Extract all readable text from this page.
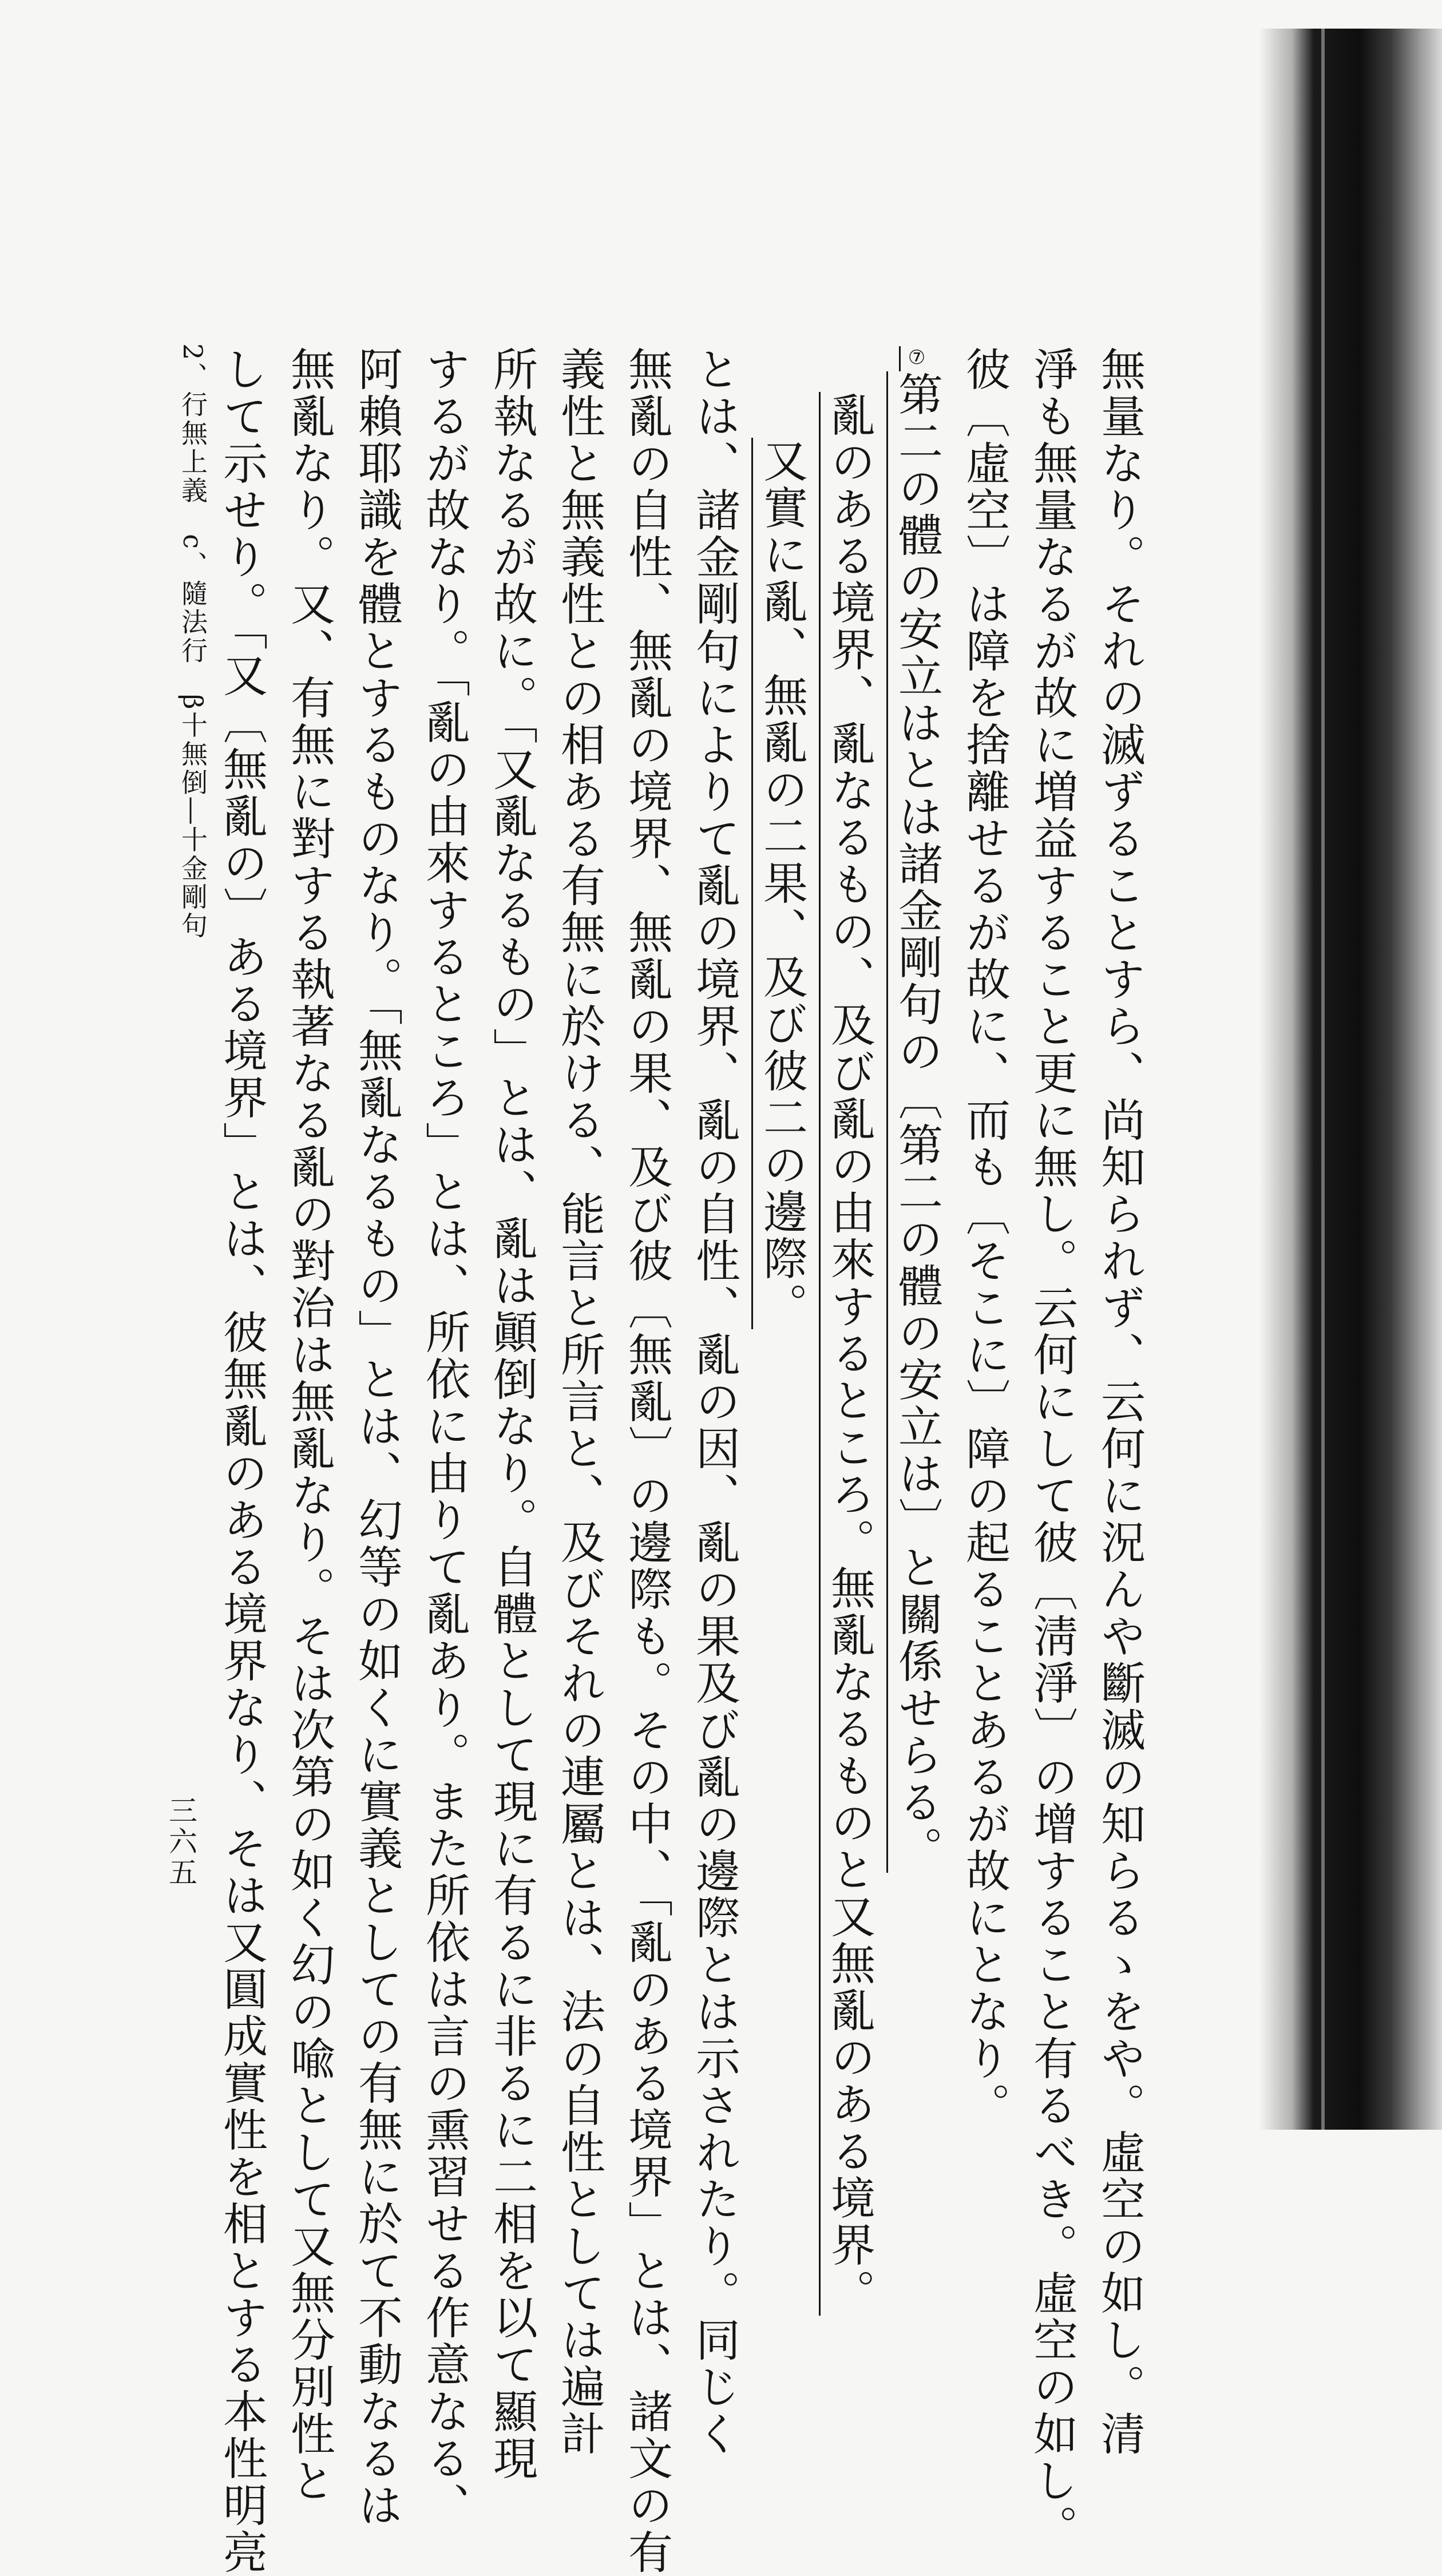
無量なり。それの滅ずることすら、尚知られず、云何に況んや斷滅の知らるゝをや。虛空の如し。清
淨も無量なるが故に増益すること更に無し。云何にして彼〔淸淨〕の增すること有るべき。虛空の如し。
彼〔虛空〕は障を捨離せるが故に、而も〔そこに〕障の起ることあるが故にとなり。
⑦第二の體の安立はとは諸金剛句の〔第二の體の安立は〕と關係せらる。
亂のある境界、亂なるもの、及び亂の由來するところ。無亂なるものと又無亂のある境界。
又實に亂、無亂の二果、及び彼二の邊際。
とは、諸金剛句によりて亂の境界、亂の自性、亂の因、亂の果及び亂の邊際とは示されたり。同じく
無亂の自性、無亂の境界、無亂の果、及び彼〔無亂〕の邊際も。その中、「亂のある境界」とは、諸文の有
義性と無義性との相ある有無に於ける、能言と所言と、及びそれの連屬とは、法の自性としては遍計
所執なるが故に。「又亂なるもの」とは、亂は顚倒なり。自體として現に有るに非るに二相を以て顯現
するが故なり。「亂の由來するところ」とは、所依に由りて亂あり。また所依は言の熏習せる作意なる、
阿賴耶識を體とするものなり。「無亂なるもの」とは、幻等の如くに實義としての有無に於て不動なるは
無亂なり。又、有無に對する執著なる亂の對治は無亂なり。そは次第の如く幻の喩として又無分別性と
して示せり。「又〔無亂の〕ある境界」とは、彼無亂のある境界なり、そは又圓成實性を相とする本性明亮
2、行無上義　c、隨法行　β十無倒―十金剛句
三六五
